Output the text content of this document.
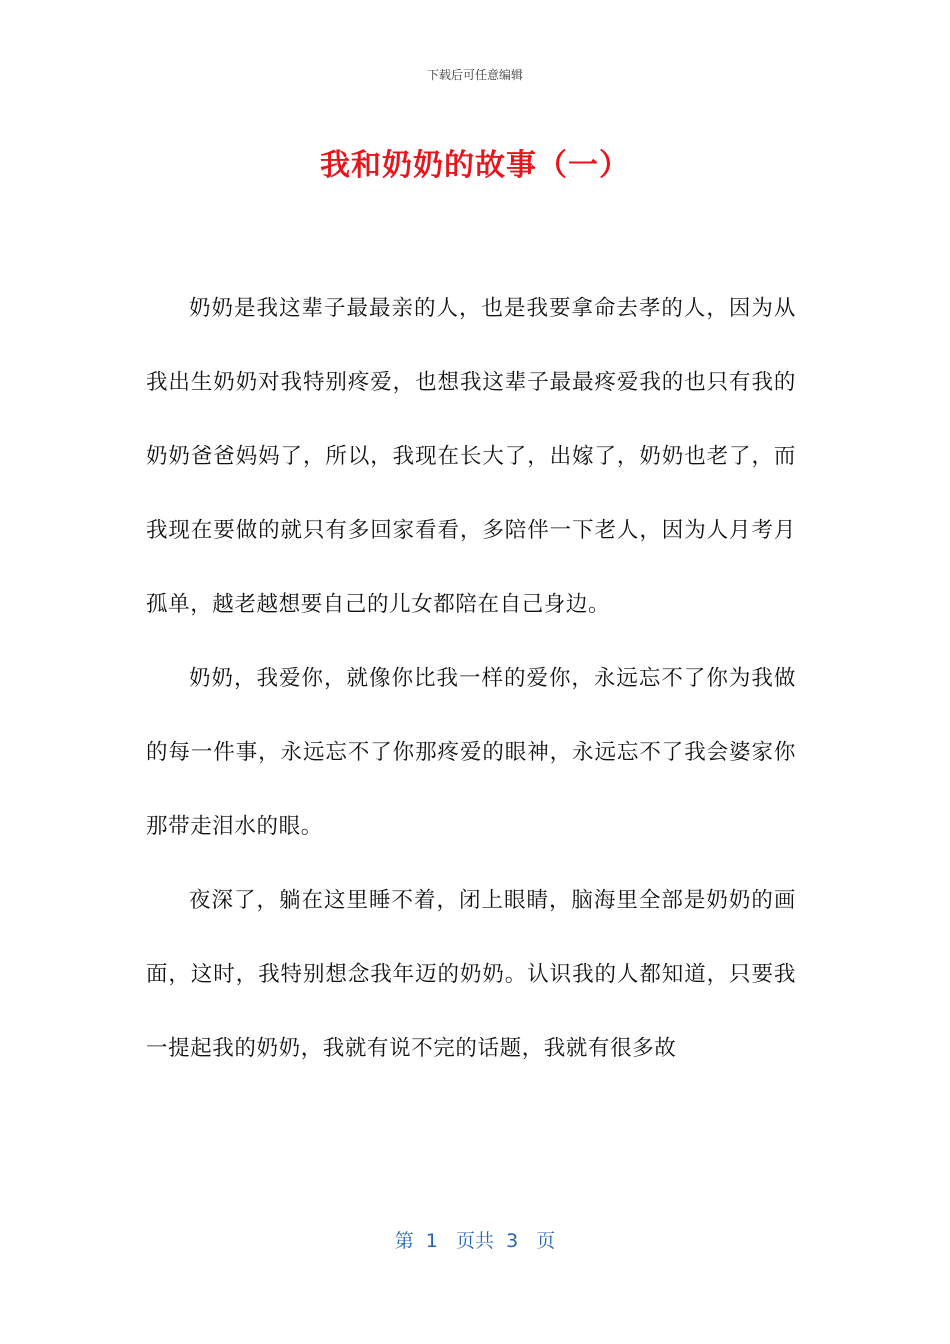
下载后可任意编辑
我和奶奶的故事（一）

奶奶是我这辈子最最亲的人，也是我要拿命去孝的人，因为从我出生奶奶对我特别疼爱，也想我这辈子最最疼爱我的也只有我的奶奶爸爸妈妈了，所以，我现在长大了，出嫁了，奶奶也老了，而我现在要做的就只有多回家看看，多陪伴一下老人，因为人月考月孤单，越老越想要自己的儿女都陪在自己身边。

奶奶，我爱你，就像你比我一样的爱你，永远忘不了你为我做的每一件事，永远忘不了你那疼爱的眼神，永远忘不了我会婆家你那带走泪水的眼。

夜深了，躺在这里睡不着，闭上眼睛，脑海里全部是奶奶的画面，这时，我特别想念我年迈的奶奶。认识我的人都知道，只要我一提起我的奶奶，我就有说不完的话题，我就有很多故

第  1   页共  3   页
